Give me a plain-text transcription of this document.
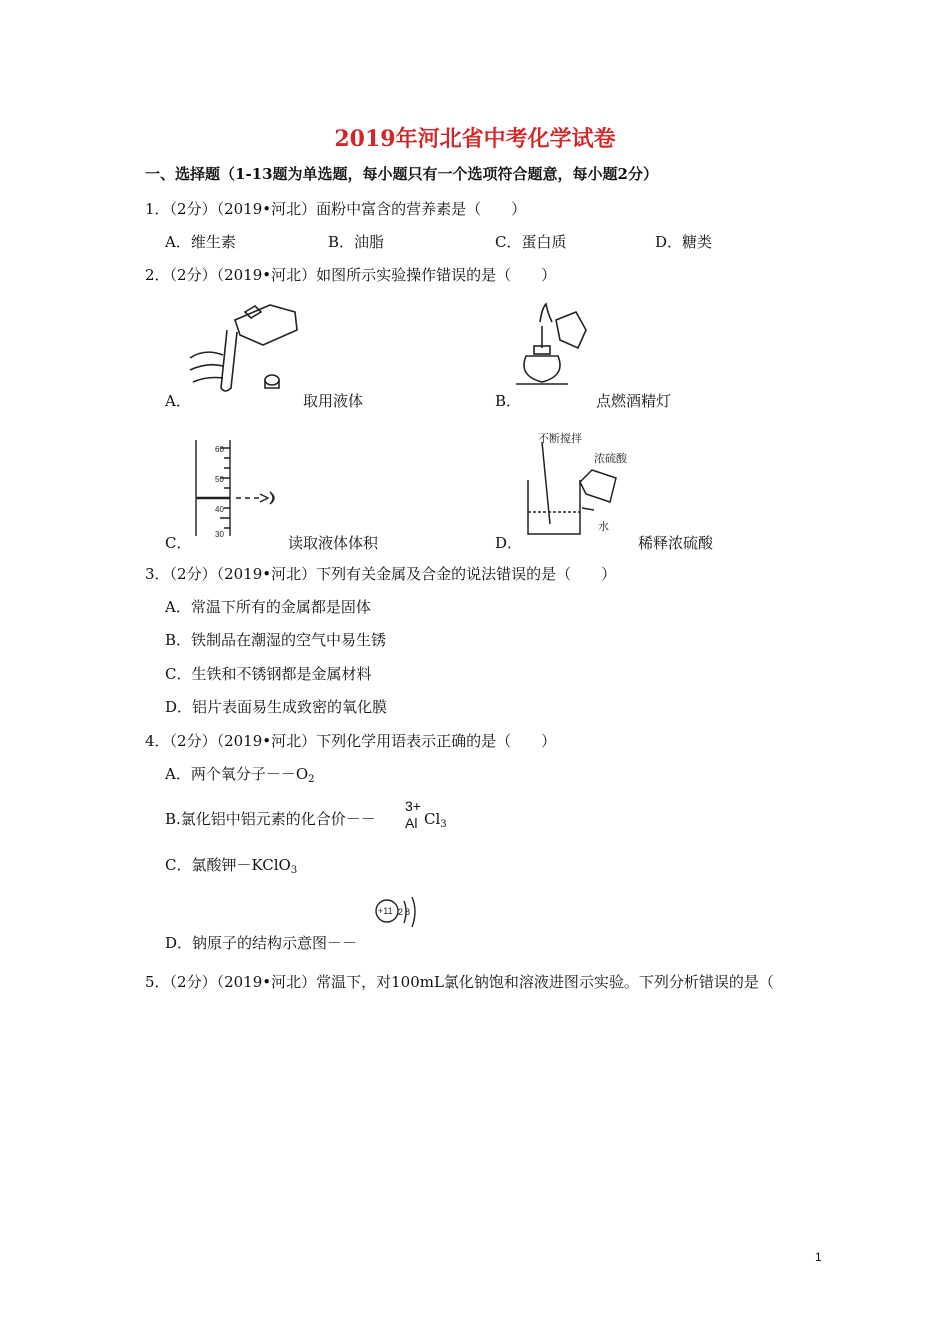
2019年河北省中考化学试卷
一、选择题（1-13题为单选题，每小题只有一个选项符合题意，每小题2分）
1．（2分）（2019•河北）面粉中富含的营养素是（　　）
A．维生素	B．油脂	C．蛋白质	D．糖类
2．（2分）（2019•河北）如图所示实验操作错误的是（　　）
A．	取用液体	B．	点燃酒精灯
60
50
40
30
C．	读取液体体积
不断搅拌
浓硫酸
水
D．	稀释浓硫酸
3．（2分）（2019•河北）下列有关金属及合金的说法错误的是（　　）
A．常温下所有的金属都是固体
B．铁制品在潮湿的空气中易生锈
C．生铁和不锈钢都是金属材料
D．铝片表面易生成致密的氧化膜
4．（2分）（2019•河北）下列化学用语表示正确的是（　　）
A．两个氧分子$--O_2$
B.氯化铝中铝元素的化合价－－
3+
Al $Cl_3$
C．氯酸钾－KClO$_3$
+11 2 8
D．钠原子的结构示意图－－
5．（2分）（2019•河北）常温下，对100mL氯化钠饱和溶液进图示实验。下列分析错误的是（
1
